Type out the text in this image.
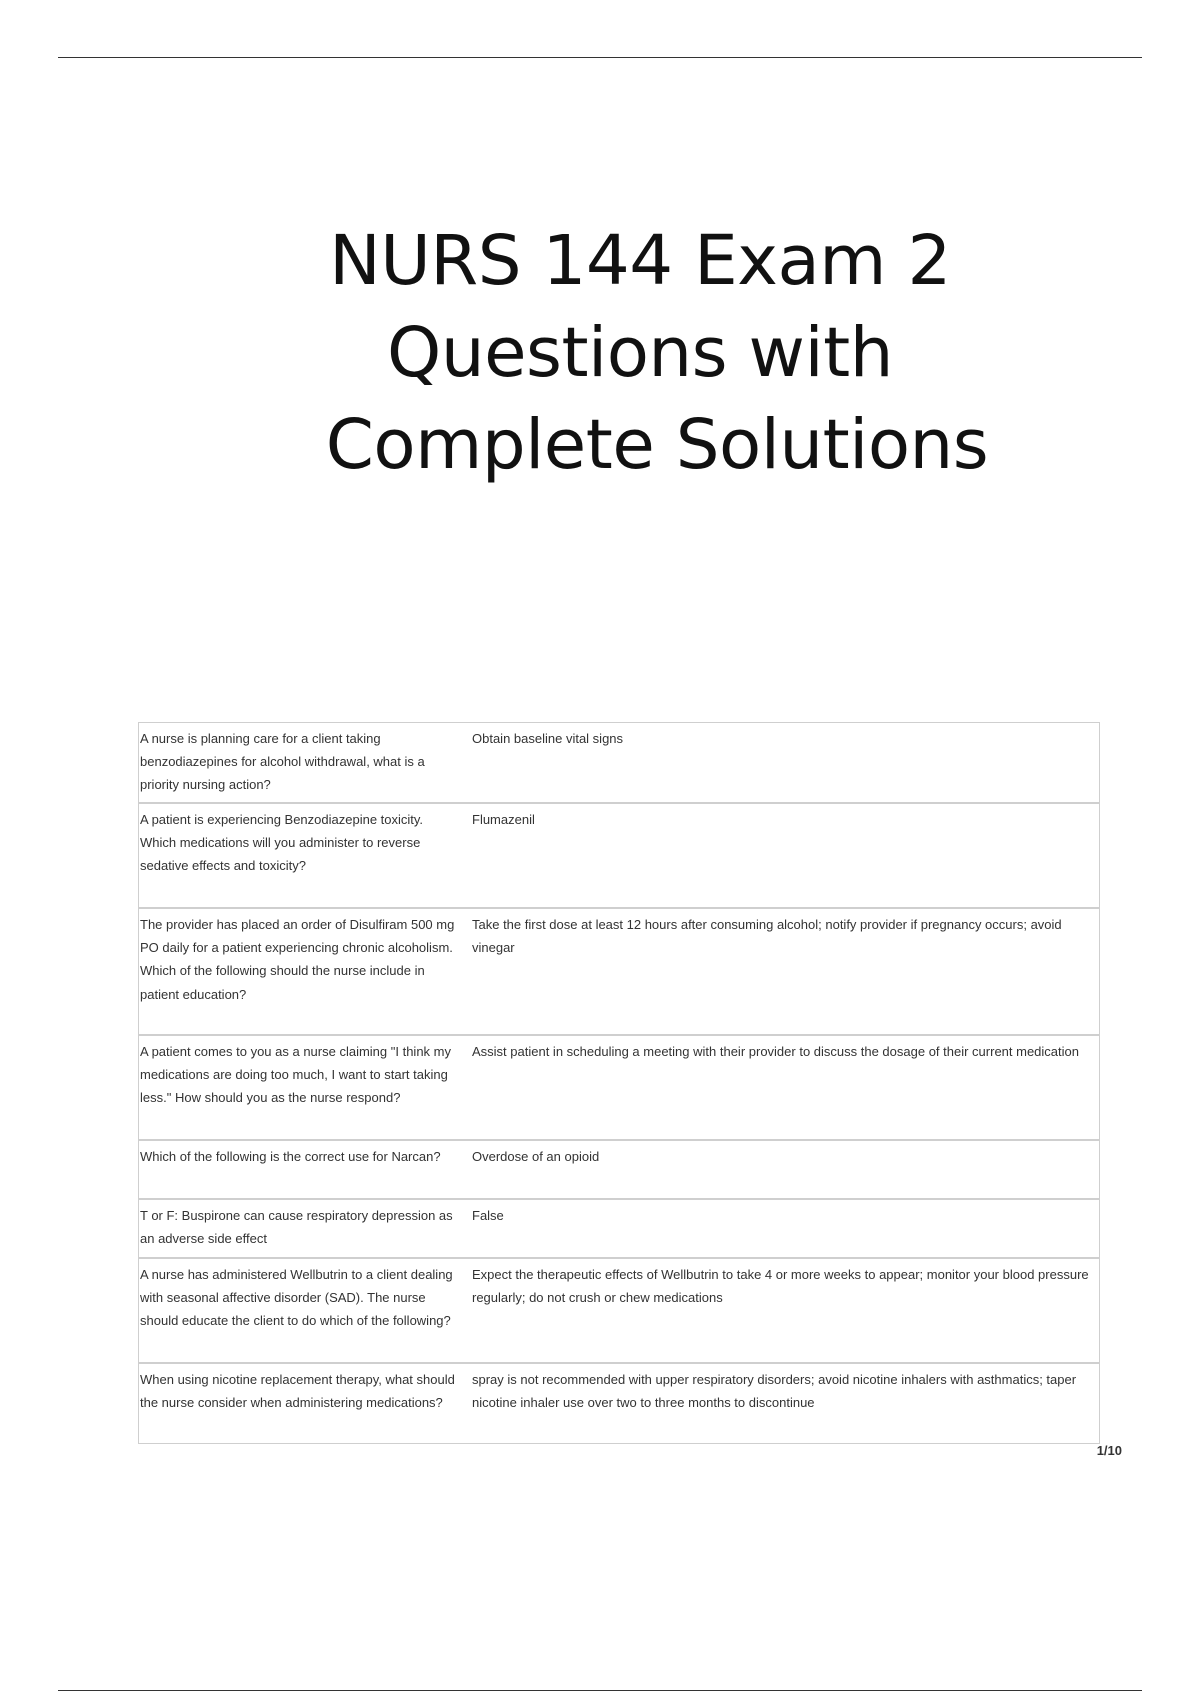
NURS 144 Exam 2
Questions with
Complete Solutions
A nurse is planning care for a client taking benzodiazepines for alcohol withdrawal, what is a priority nursing action?	Obtain baseline vital signs

A patient is experiencing Benzodiazepine toxicity. Which medications will you administer to reverse sedative effects and toxicity?	Flumazenil

The provider has placed an order of Disulfiram 500 mg PO daily for a patient experiencing chronic alcoholism. Which of the following should the nurse include in patient education?	Take the first dose at least 12 hours after consuming alcohol; notify provider if pregnancy occurs; avoid vinegar

A patient comes to you as a nurse claiming "I think my medications are doing too much, I want to start taking less." How should you as the nurse respond?	Assist patient in scheduling a meeting with their provider to discuss the dosage of their current medication

Which of the following is the correct use for Narcan?	Overdose of an opioid

T or F: Buspirone can cause respiratory depression as an adverse side effect	False

A nurse has administered Wellbutrin to a client dealing with seasonal affective disorder (SAD). The nurse should educate the client to do which of the following?	Expect the therapeutic effects of Wellbutrin to take 4 or more weeks to appear; monitor your blood pressure regularly; do not crush or chew medications

When using nicotine replacement therapy, what should the nurse consider when administering medications?	spray is not recommended with upper respiratory disorders; avoid nicotine inhalers with asthmatics; taper nicotine inhaler use over two to three months to discontinue
1/10
